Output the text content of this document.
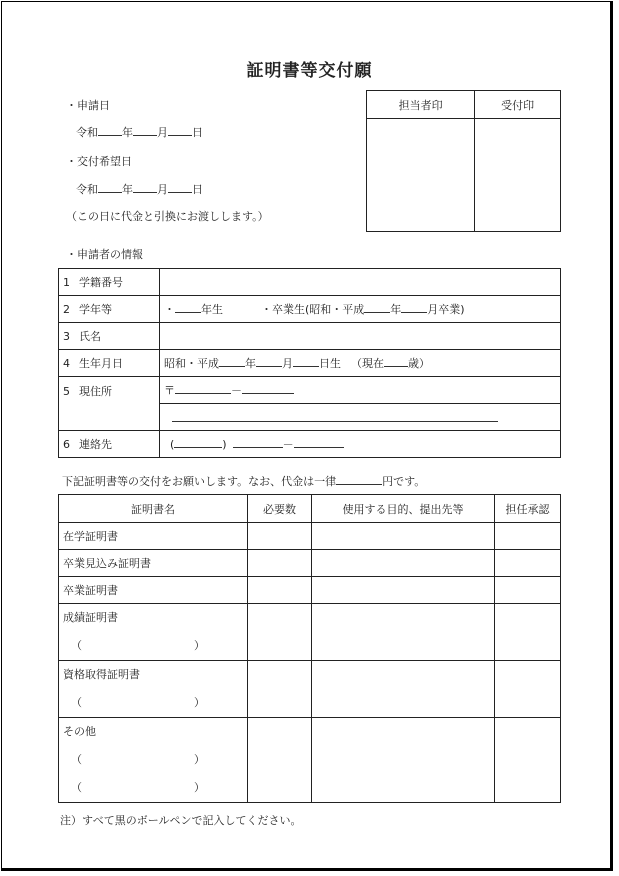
証明書等交付願
・申請日
令和 年 月 日
・交付希望日
令和 年 月 日
（この日に代金と引換にお渡しします。）
担当者印	受付印

・申請者の情報
1 学籍番号	
2 学年等	・ 年生 ・卒業生(昭和・平成 年 月卒業)
3 氏名	
4 生年月日	昭和・平成 年 月 日生 （現在 歳）
5 現住所	〒 －

6 連絡先	( ) －
下記証明書等の交付をお願いします。なお、代金は一律	円です。
証明書名	必要数	使用する目的、提出先等	担任承認
在学証明書			
卒業見込み証明書			
卒業証明書			

成績証明書
（ ）			

資格取得証明書
（ ）			

その他
（ ）
（ ）			

注）すべて黒のボールペンで記入してください。
